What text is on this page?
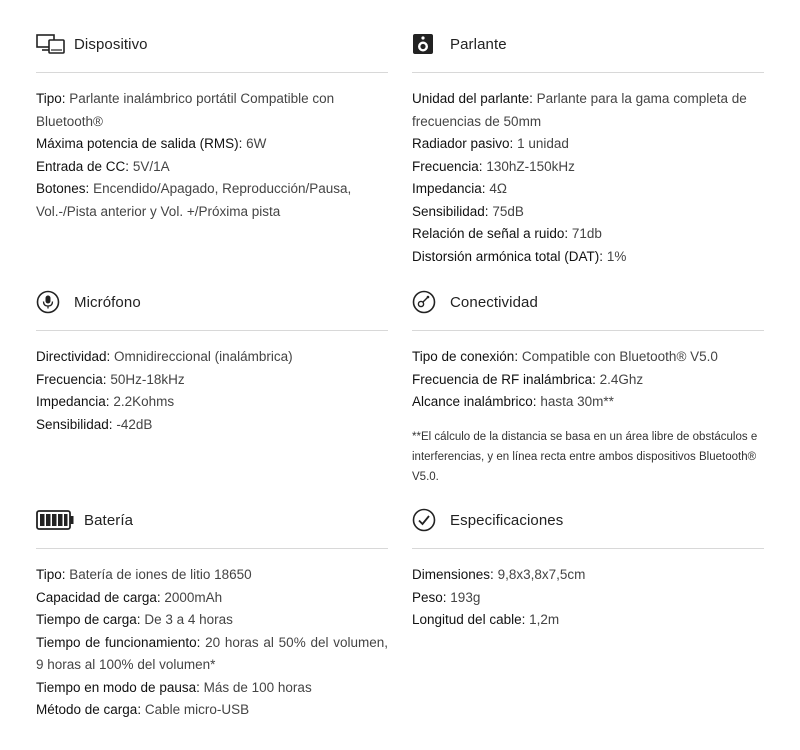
Dispositivo
Tipo: Parlante inalámbrico portátil Compatible con Bluetooth®
Máxima potencia de salida (RMS): 6W
Entrada de CC: 5V/1A
Botones: Encendido/Apagado, Reproducción/Pausa, Vol.-/Pista anterior y Vol. +/Próxima pista
Parlante
Unidad del parlante: Parlante para la gama completa de frecuencias de 50mm
Radiador pasivo: 1 unidad
Frecuencia: 130hZ-150kHz
Impedancia: 4Ω
Sensibilidad: 75dB
Relación de señal a ruido: 71db
Distorsión armónica total (DAT): 1%
Micrófono
Directividad: Omnidireccional (inalámbrica)
Frecuencia: 50Hz-18kHz
Impedancia: 2.2Kohms
Sensibilidad: -42dB
Conectividad
Tipo de conexión: Compatible con Bluetooth® V5.0
Frecuencia de RF inalámbrica: 2.4Ghz
Alcance inalámbrico: hasta 30m**
**El cálculo de la distancia se basa en un área libre de obstáculos e interferencias, y en línea recta entre ambos dispositivos Bluetooth® V5.0.
Batería
Tipo: Batería de iones de litio 18650
Capacidad de carga: 2000mAh
Tiempo de carga: De 3 a 4 horas
Tiempo de funcionamiento: 20 horas al 50% del volumen, 9 horas al 100% del volumen*
Tiempo en modo de pausa: Más de 100 horas
Método de carga: Cable micro-USB
Especificaciones
Dimensiones: 9,8x3,8x7,5cm
Peso: 193g
Longitud del cable: 1,2m
